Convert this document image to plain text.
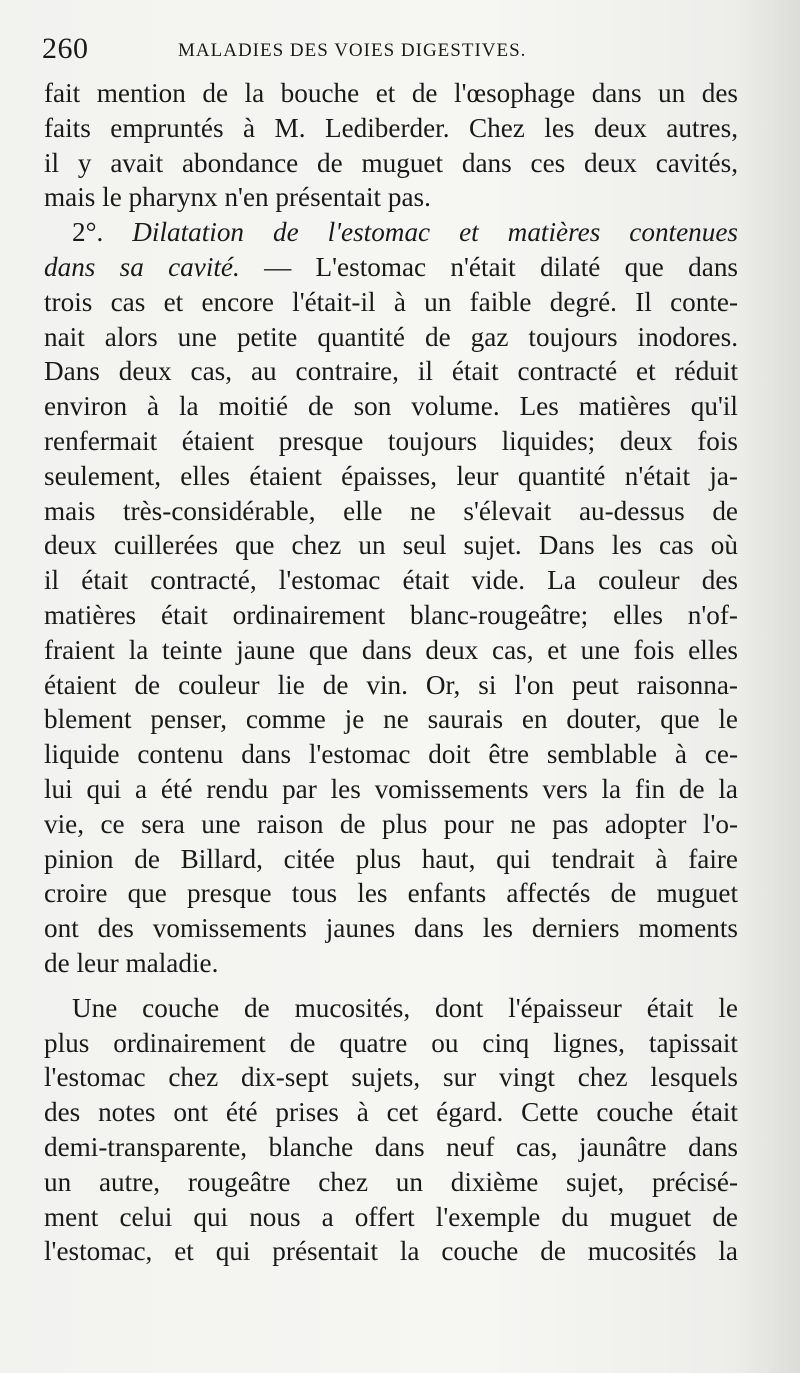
260	MALADIES DES VOIES DIGESTIVES.
fait mention de la bouche et de l'œsophage dans un des
faits empruntés à M. Lediberder. Chez les deux autres,
il y avait abondance de muguet dans ces deux cavités,
mais le pharynx n'en présentait pas.
2°. Dilatation de l'estomac et matières contenues
dans sa cavité. — L'estomac n'était dilaté que dans
trois cas et encore l'était-il à un faible degré. Il conte-
nait alors une petite quantité de gaz toujours inodores.
Dans deux cas, au contraire, il était contracté et réduit
environ à la moitié de son volume. Les matières qu'il
renfermait étaient presque toujours liquides; deux fois
seulement, elles étaient épaisses, leur quantité n'était ja-
mais très-considérable, elle ne s'élevait au-dessus de
deux cuillerées que chez un seul sujet. Dans les cas où
il était contracté, l'estomac était vide. La couleur des
matières était ordinairement blanc-rougeâtre; elles n'of-
fraient la teinte jaune que dans deux cas, et une fois elles
étaient de couleur lie de vin. Or, si l'on peut raisonna-
blement penser, comme je ne saurais en douter, que le
liquide contenu dans l'estomac doit être semblable à ce-
lui qui a été rendu par les vomissements vers la fin de la
vie, ce sera une raison de plus pour ne pas adopter l'o-
pinion de Billard, citée plus haut, qui tendrait à faire
croire que presque tous les enfants affectés de muguet
ont des vomissements jaunes dans les derniers moments
de leur maladie.
Une couche de mucosités, dont l'épaisseur était le
plus ordinairement de quatre ou cinq lignes, tapissait
l'estomac chez dix-sept sujets, sur vingt chez lesquels
des notes ont été prises à cet égard. Cette couche était
demi-transparente, blanche dans neuf cas, jaunâtre dans
un autre, rougeâtre chez un dixième sujet, précisé-
ment celui qui nous a offert l'exemple du muguet de
l'estomac, et qui présentait la couche de mucosités la
